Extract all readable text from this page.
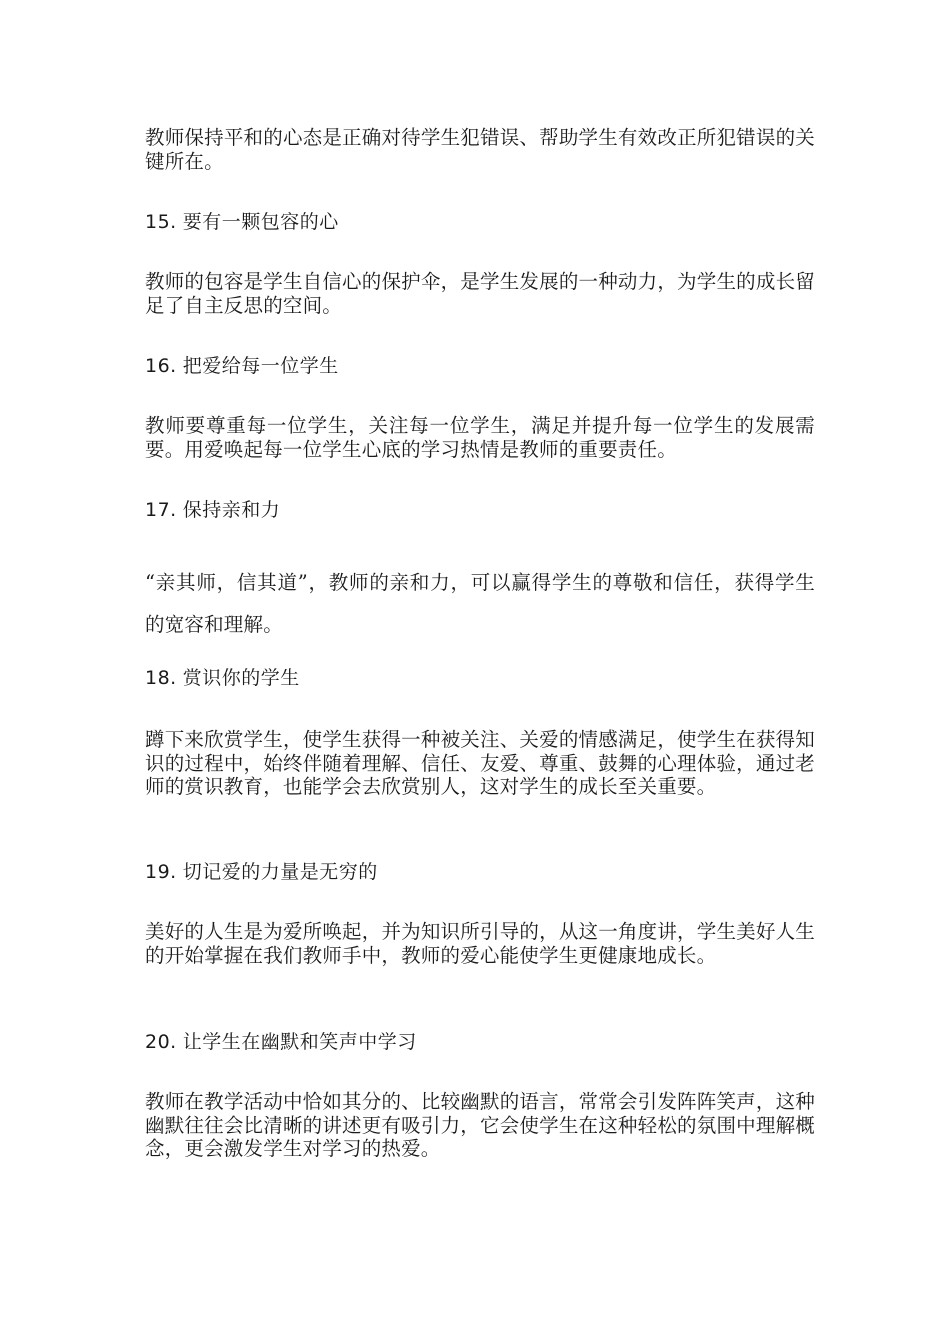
教师保持平和的心态是正确对待学生犯错误、帮助学生有效改正所犯错误的关键所在。

15. 要有一颗包容的心

教师的包容是学生自信心的保护伞，是学生发展的一种动力，为学生的成长留足了自主反思的空间。

16. 把爱给每一位学生

教师要尊重每一位学生，关注每一位学生，满足并提升每一位学生的发展需要。用爱唤起每一位学生心底的学习热情是教师的重要责任。

17. 保持亲和力

“亲其师，信其道”，教师的亲和力，可以赢得学生的尊敬和信任，获得学生的宽容和理解。

18. 赏识你的学生

蹲下来欣赏学生，使学生获得一种被关注、关爱的情感满足，使学生在获得知识的过程中，始终伴随着理解、信任、友爱、尊重、鼓舞的心理体验，通过老师的赏识教育，也能学会去欣赏别人，这对学生的成长至关重要。

19. 切记爱的力量是无穷的

美好的人生是为爱所唤起，并为知识所引导的，从这一角度讲，学生美好人生的开始掌握在我们教师手中，教师的爱心能使学生更健康地成长。

20. 让学生在幽默和笑声中学习

教师在教学活动中恰如其分的、比较幽默的语言，常常会引发阵阵笑声，这种幽默往往会比清晰的讲述更有吸引力，它会使学生在这种轻松的氛围中理解概念，更会激发学生对学习的热爱。
